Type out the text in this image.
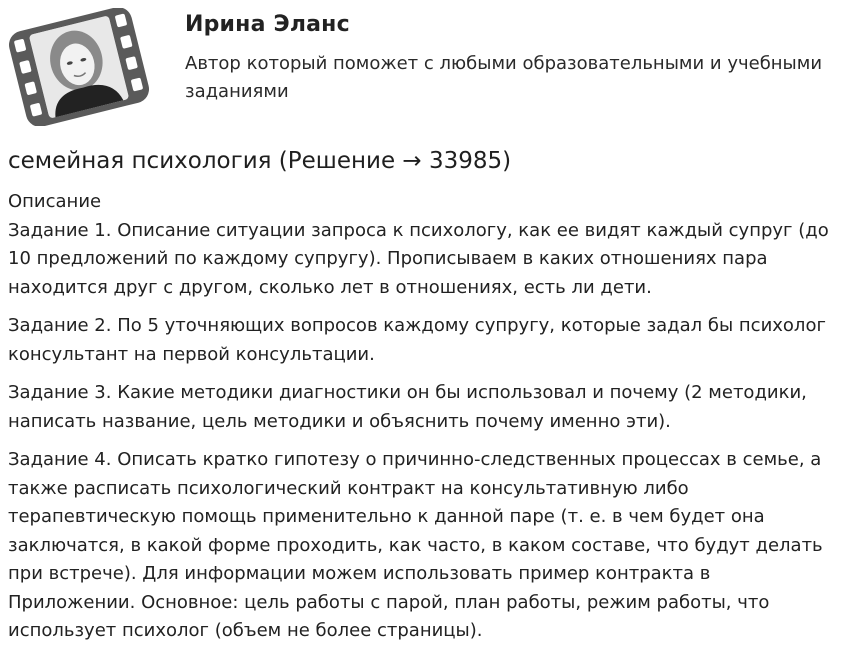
Ирина Эланс
Автор который поможет с любыми образовательными и учебными заданиями
семейная психология (Решение → 33985)
Описание

Задание 1. Описание ситуации запроса к психологу, как ее видят каждый супруг (до 10 предложений по каждому супругу). Прописываем в каких отношениях пара находится друг с другом, сколько лет в отношениях, есть ли дети.

Задание 2. По 5 уточняющих вопросов каждому супругу, которые задал бы психолог консультант на первой консультации.

Задание 3. Какие методики диагностики он бы использовал и почему (2 методики, написать название, цель методики и объяснить почему именно эти).

Задание 4. Описать кратко гипотезу о причинно-следственных процессах в семье, а также расписать психологический контракт на консультативную либо терапевтическую помощь применительно к данной паре (т. е. в чем будет она заключатся, в какой форме проходить, как часто, в каком составе, что будут делать при встрече). Для информации можем использовать пример контракта в Приложении. Основное: цель работы с парой, план работы, режим работы, что использует психолог (объем не более страницы).
